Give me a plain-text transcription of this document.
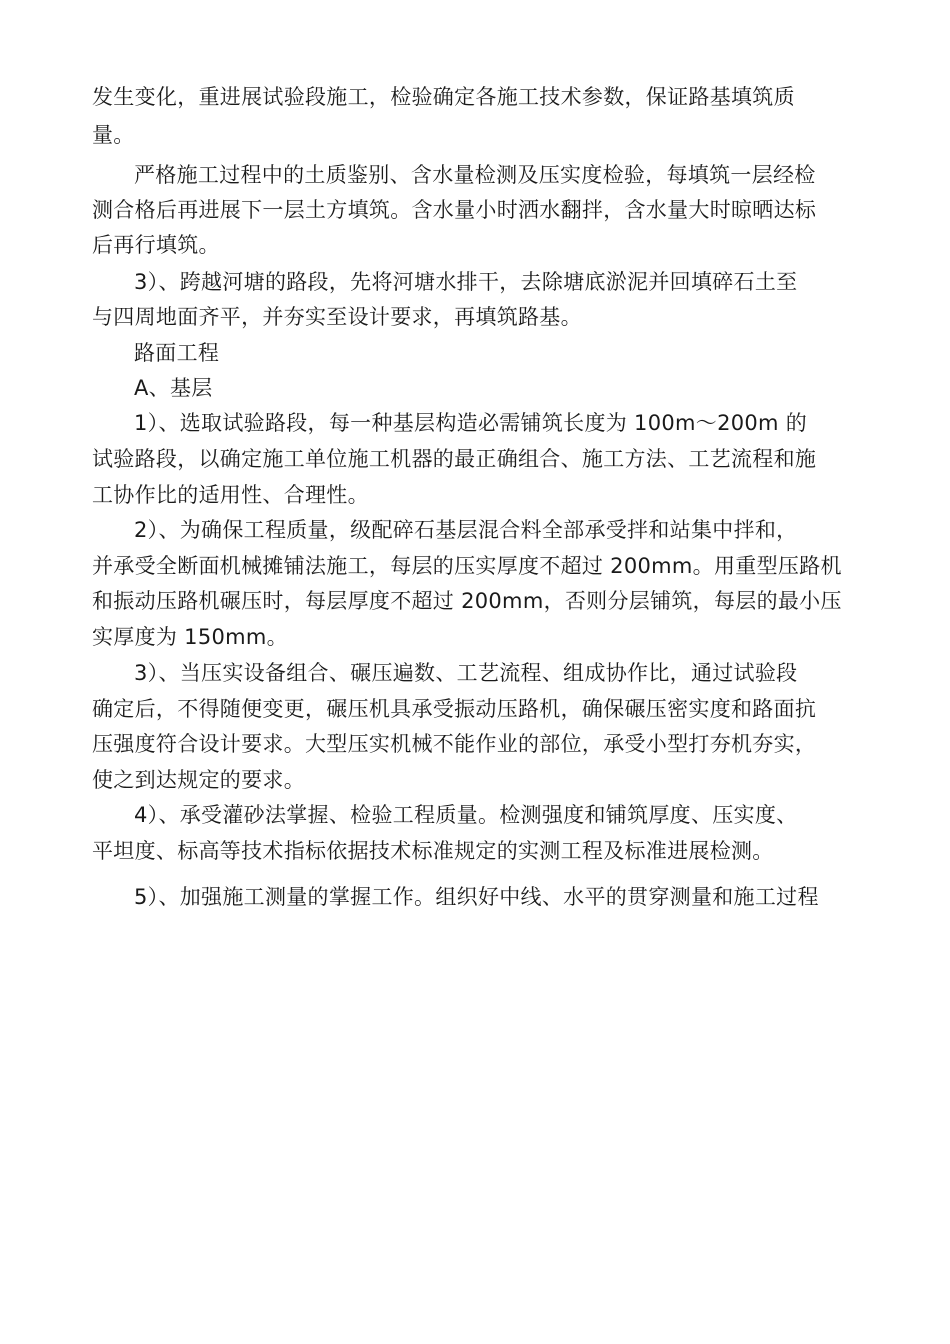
发生变化，重进展试验段施工，检验确定各施工技术参数，保证路基填筑质
量。
严格施工过程中的土质鉴别、含水量检测及压实度检验，每填筑一层经检
测合格后再进展下一层土方填筑。含水量小时洒水翻拌，含水量大时晾晒达标
后再行填筑。
3）、跨越河塘的路段，先将河塘水排干，去除塘底淤泥并回填碎石土至
与四周地面齐平，并夯实至设计要求，再填筑路基。
路面工程
A、基层
1）、选取试验路段，每一种基层构造必需铺筑长度为 100m～200m 的
试验路段，以确定施工单位施工机器的最正确组合、施工方法、工艺流程和施
工协作比的适用性、合理性。
2）、为确保工程质量，级配碎石基层混合料全部承受拌和站集中拌和，
并承受全断面机械摊铺法施工，每层的压实厚度不超过 200mm。用重型压路机
和振动压路机碾压时，每层厚度不超过 200mm，否则分层铺筑，每层的最小压
实厚度为 150mm。
3）、当压实设备组合、碾压遍数、工艺流程、组成协作比，通过试验段
确定后，不得随便变更，碾压机具承受振动压路机，确保碾压密实度和路面抗
压强度符合设计要求。大型压实机械不能作业的部位，承受小型打夯机夯实，
使之到达规定的要求。
4）、承受灌砂法掌握、检验工程质量。检测强度和铺筑厚度、压实度、
平坦度、标高等技术指标依据技术标准规定的实测工程及标准进展检测。
5）、加强施工测量的掌握工作。组织好中线、水平的贯穿测量和施工过程
